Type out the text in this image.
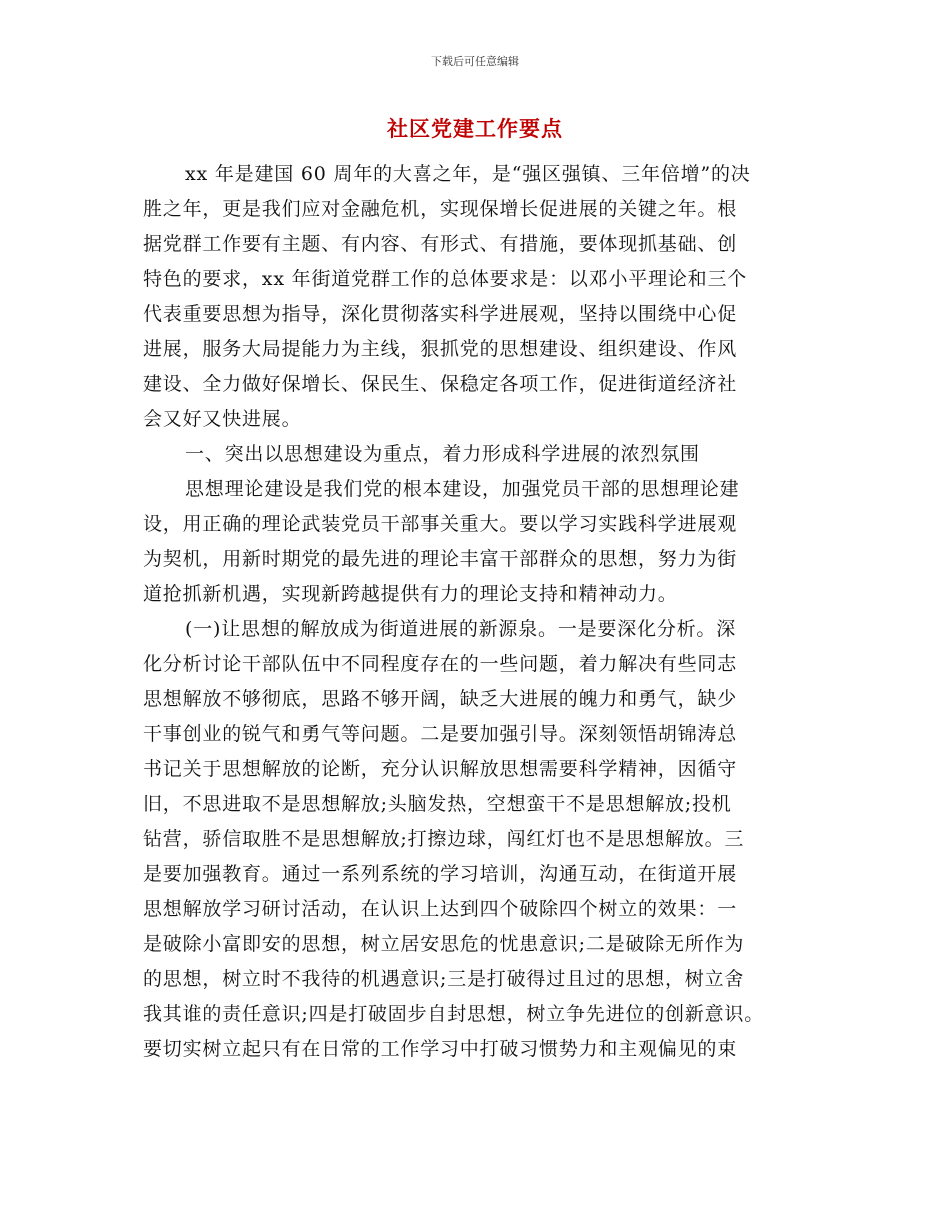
下载后可任意编辑
社区党建工作要点
xx 年是建国 60 周年的大喜之年，是“强区强镇、三年倍增”的决
胜之年，更是我们应对金融危机，实现保增长促进展的关键之年。根
据党群工作要有主题、有内容、有形式、有措施，要体现抓基础、创
特色的要求，xx 年街道党群工作的总体要求是：以邓小平理论和三个
代表重要思想为指导，深化贯彻落实科学进展观，坚持以围绕中心促
进展，服务大局提能力为主线，狠抓党的思想建设、组织建设、作风
建设、全力做好保增长、保民生、保稳定各项工作，促进街道经济社
会又好又快进展。
一、突出以思想建设为重点，着力形成科学进展的浓烈氛围
思想理论建设是我们党的根本建设，加强党员干部的思想理论建
设，用正确的理论武装党员干部事关重大。要以学习实践科学进展观
为契机，用新时期党的最先进的理论丰富干部群众的思想，努力为街
道抢抓新机遇，实现新跨越提供有力的理论支持和精神动力。
(一)让思想的解放成为街道进展的新源泉。一是要深化分析。深
化分析讨论干部队伍中不同程度存在的一些问题，着力解决有些同志
思想解放不够彻底，思路不够开阔，缺乏大进展的魄力和勇气，缺少
干事创业的锐气和勇气等问题。二是要加强引导。深刻领悟胡锦涛总
书记关于思想解放的论断，充分认识解放思想需要科学精神，因循守
旧，不思进取不是思想解放;头脑发热，空想蛮干不是思想解放;投机
钻营，骄信取胜不是思想解放;打擦边球，闯红灯也不是思想解放。三
是要加强教育。通过一系列系统的学习培训，沟通互动，在街道开展
思想解放学习研讨活动，在认识上达到四个破除四个树立的效果：一
是破除小富即安的思想，树立居安思危的忧患意识;二是破除无所作为
的思想，树立时不我待的机遇意识;三是打破得过且过的思想，树立舍
我其谁的责任意识;四是打破固步自封思想，树立争先进位的创新意识。
要切实树立起只有在日常的工作学习中打破习惯势力和主观偏见的束
